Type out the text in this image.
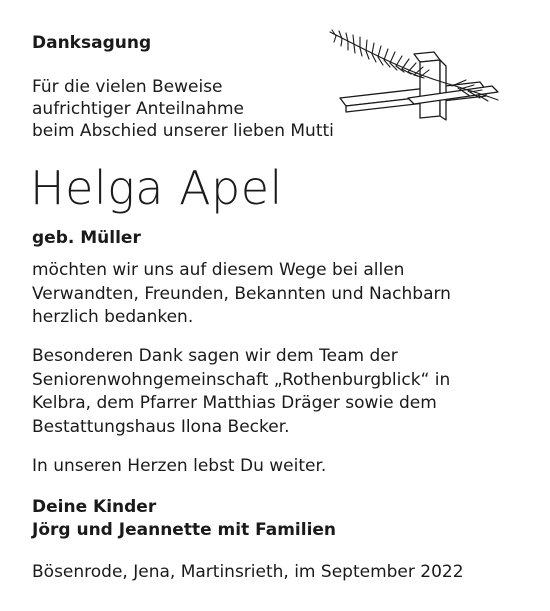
Danksagung
Für die vielen Beweise
aufrichtiger Anteilnahme
beim Abschied unserer lieben Mutti
Helga Apel
geb. Müller
möchten wir uns auf diesem Wege bei allen
Verwandten, Freunden, Bekannten und Nachbarn
herzlich bedanken.
Besonderen Dank sagen wir dem Team der
Seniorenwohngemeinschaft „Rothenburgblick“ in
Kelbra, dem Pfarrer Matthias Dräger sowie dem
Bestattungshaus Ilona Becker.
In unseren Herzen lebst Du weiter.
Deine Kinder
Jörg und Jeannette mit Familien
Bösenrode, Jena, Martinsrieth, im September 2022
